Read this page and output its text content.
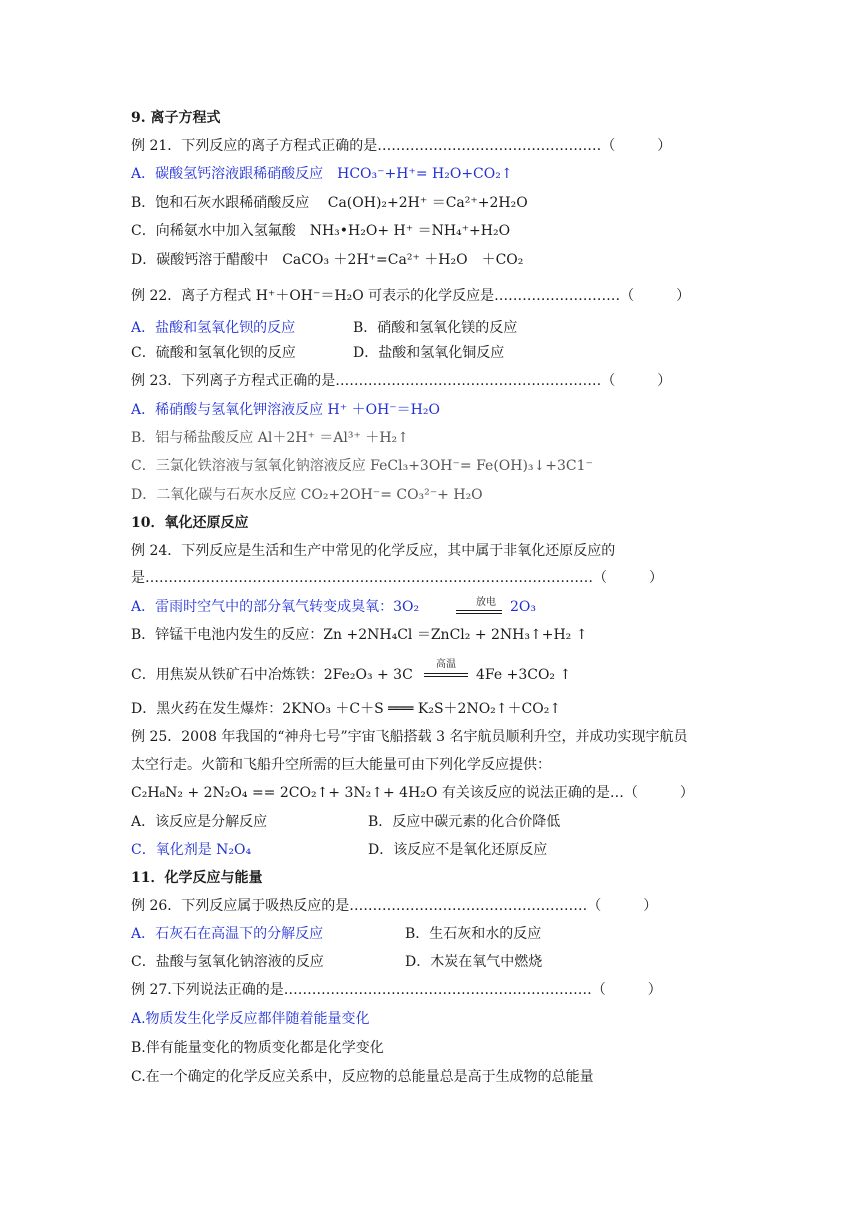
9. 离子方程式
例 21．下列反应的离子方程式正确的是…………………………………………（　　　）
A．碳酸氢钙溶液跟稀硝酸反应　HCO₃⁻+H⁺= H₂O+CO₂↑
B．饱和石灰水跟稀硝酸反应　 Ca(OH)₂+2H⁺ ＝Ca²⁺+2H₂O
C．向稀氨水中加入氢氟酸　NH₃•H₂O+ H⁺ ＝NH₄⁺+H₂O
D．碳酸钙溶于醋酸中　CaCO₃ ＋2H⁺=Ca²⁺ ＋H₂O　＋CO₂
例 22．离子方程式 H⁺＋OH⁻＝H₂O 可表示的化学反应是………………………（　　　）
A．盐酸和氢氧化钡的反应	B．硝酸和氢氧化镁的反应
C．硫酸和氢氧化钡的反应	D．盐酸和氢氧化铜反应
例 23．下列离子方程式正确的是…………………………………………………（　　　）
A．稀硝酸与氢氧化钾溶液反应 H⁺ ＋OH⁻＝H₂O
B．铝与稀盐酸反应 Al＋2H⁺ ＝Al³⁺ ＋H₂↑
C．三氯化铁溶液与氢氧化钠溶液反应 FeCl₃+3OH⁻= Fe(OH)₃↓+3C1⁻
D．二氧化碳与石灰水反应 CO₂+2OH⁻= CO₃²⁻+ H₂O
10．氧化还原反应
例 24．下列反应是生活和生产中常见的化学反应，其中属于非氧化还原反应的
是……………………………………………………………………………………（　　　）
A．雷雨时空气中的部分氧气转变成臭氧：3O₂	放电 2O₃
B．锌锰干电池内发生的反应：Zn +2NH₄Cl ＝ZnCl₂ + 2NH₃↑+H₂ ↑
C．用焦炭从铁矿石中冶炼铁：2Fe₂O₃ + 3C
高温
4Fe +3CO₂ ↑
D．黑火药在发生爆炸：2KNO₃ ＋C＋S ═══ K₂S＋2NO₂↑＋CO₂↑
例 25．2008 年我国的“神舟七号”宇宙飞船搭载 3 名宇航员顺利升空，并成功实现宇航员
太空行走。火箭和飞船升空所需的巨大能量可由下列化学反应提供：
C₂H₈N₂ + 2N₂O₄ == 2CO₂↑+ 3N₂↑+ 4H₂O 有关该反应的说法正确的是…（　　　）
A．该反应是分解反应	B．反应中碳元素的化合价降低
C．氧化剂是 N₂O₄	D．该反应不是氧化还原反应
11．化学反应与能量
例 26．下列反应属于吸热反应的是……………………………………………（　　　）
A．石灰石在高温下的分解反应	B．生石灰和水的反应
C．盐酸与氢氧化钠溶液的反应	D．木炭在氧气中燃烧
例 27.下列说法正确的是…………………………………………………………（　　　）
A.物质发生化学反应都伴随着能量变化
B.伴有能量变化的物质变化都是化学变化
C.在一个确定的化学反应关系中，反应物的总能量总是高于生成物的总能量
